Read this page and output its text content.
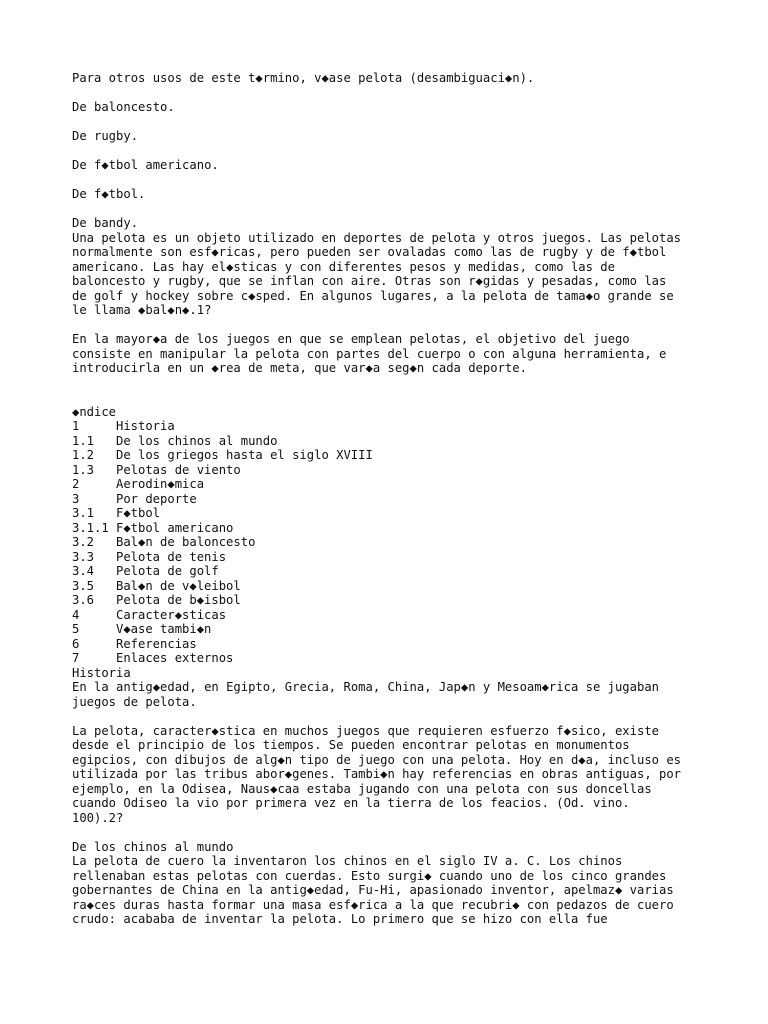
Para otros usos de este t◆rmino, v◆ase pelota (desambiguaci◆n).
De baloncesto.
De rugby.
De f◆tbol americano.
De f◆tbol.
De bandy.
Una pelota es un objeto utilizado en deportes de pelota y otros juegos. Las pelotas
normalmente son esf◆ricas, pero pueden ser ovaladas como las de rugby y de f◆tbol
americano. Las hay el◆sticas y con diferentes pesos y medidas, como las de
baloncesto y rugby, que se inflan con aire. Otras son r◆gidas y pesadas, como las
de golf y hockey sobre c◆sped. En algunos lugares, a la pelota de tama◆o grande se
le llama ◆bal◆n◆.1?
En la mayor◆a de los juegos en que se emplean pelotas, el objetivo del juego
consiste en manipular la pelota con partes del cuerpo o con alguna herramienta, e
introducirla en un ◆rea de meta, que var◆a seg◆n cada deporte.
◆ndice
1	Historia
1.1 De los chinos al mundo
1.2 De los griegos hasta el siglo XVIII
1.3 Pelotas de viento
2	Aerodin◆mica
3	Por deporte
3.1 F◆tbol
3.1.1 F◆tbol americano
3.2 Bal◆n de baloncesto
3.3 Pelota de tenis
3.4 Pelota de golf
3.5 Bal◆n de v◆leibol
3.6 Pelota de b◆isbol
4	Caracter◆sticas
5	V◆ase tambi◆n
6	Referencias
7	Enlaces externos
Historia
En la antig◆edad, en Egipto, Grecia, Roma, China, Jap◆n y Mesoam◆rica se jugaban
juegos de pelota.
La pelota, caracter◆stica en muchos juegos que requieren esfuerzo f◆sico, existe
desde el principio de los tiempos. Se pueden encontrar pelotas en monumentos
egipcios, con dibujos de alg◆n tipo de juego con una pelota. Hoy en d◆a, incluso es
utilizada por las tribus abor◆genes. Tambi◆n hay referencias en obras antiguas, por
ejemplo, en la Odisea, Naus◆caa estaba jugando con una pelota con sus doncellas
cuando Odiseo la vio por primera vez en la tierra de los feacios. (Od. vino.
100).2?
De los chinos al mundo
La pelota de cuero la inventaron los chinos en el siglo IV a. C. Los chinos
rellenaban estas pelotas con cuerdas. Esto surgi◆ cuando uno de los cinco grandes
gobernantes de China en la antig◆edad, Fu-Hi, apasionado inventor, apelmaz◆ varias
ra◆ces duras hasta formar una masa esf◆rica a la que recubri◆ con pedazos de cuero
crudo: acababa de inventar la pelota. Lo primero que se hizo con ella fue
